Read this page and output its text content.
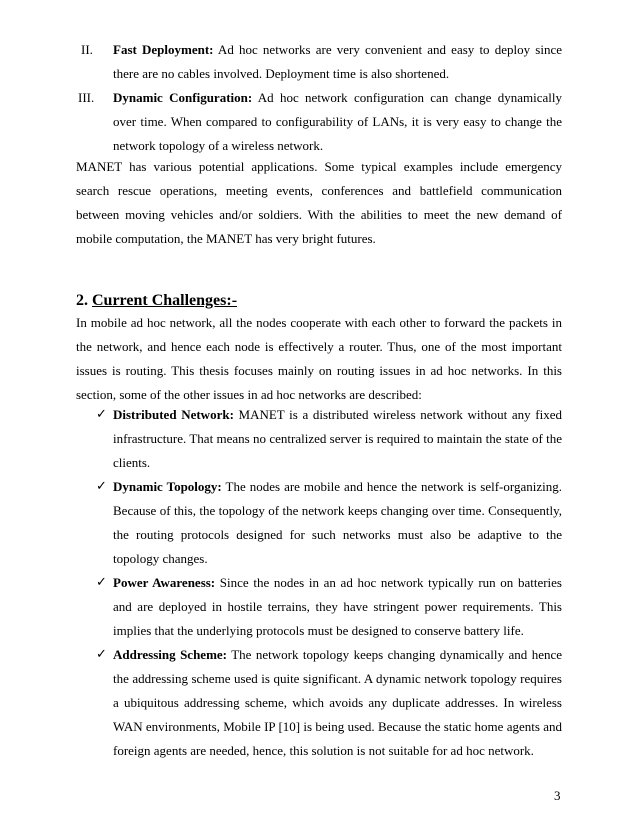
II. Fast Deployment: Ad hoc networks are very convenient and easy to deploy since there are no cables involved. Deployment time is also shortened.

III. Dynamic Configuration: Ad hoc network configuration can change dynamically over time. When compared to configurability of LANs, it is very easy to change the network topology of a wireless network.

MANET has various potential applications. Some typical examples include emergency search rescue operations, meeting events, conferences and battlefield communication between moving vehicles and/or soldiers. With the abilities to meet the new demand of mobile computation, the MANET has very bright futures.

2. Current Challenges:-

In mobile ad hoc network, all the nodes cooperate with each other to forward the packets in the network, and hence each node is effectively a router. Thus, one of the most important issues is routing. This thesis focuses mainly on routing issues in ad hoc networks. In this section, some of the other issues in ad hoc networks are described:

✓ Distributed Network: MANET is a distributed wireless network without any fixed infrastructure. That means no centralized server is required to maintain the state of the clients.

✓ Dynamic Topology: The nodes are mobile and hence the network is self-organizing. Because of this, the topology of the network keeps changing over time. Consequently, the routing protocols designed for such networks must also be adaptive to the topology changes.

✓ Power Awareness: Since the nodes in an ad hoc network typically run on batteries and are deployed in hostile terrains, they have stringent power requirements. This implies that the underlying protocols must be designed to conserve battery life.

✓ Addressing Scheme: The network topology keeps changing dynamically and hence the addressing scheme used is quite significant. A dynamic network topology requires a ubiquitous addressing scheme, which avoids any duplicate addresses. In wireless WAN environments, Mobile IP [10] is being used. Because the static home agents and foreign agents are needed, hence, this solution is not suitable for ad hoc network.

3
